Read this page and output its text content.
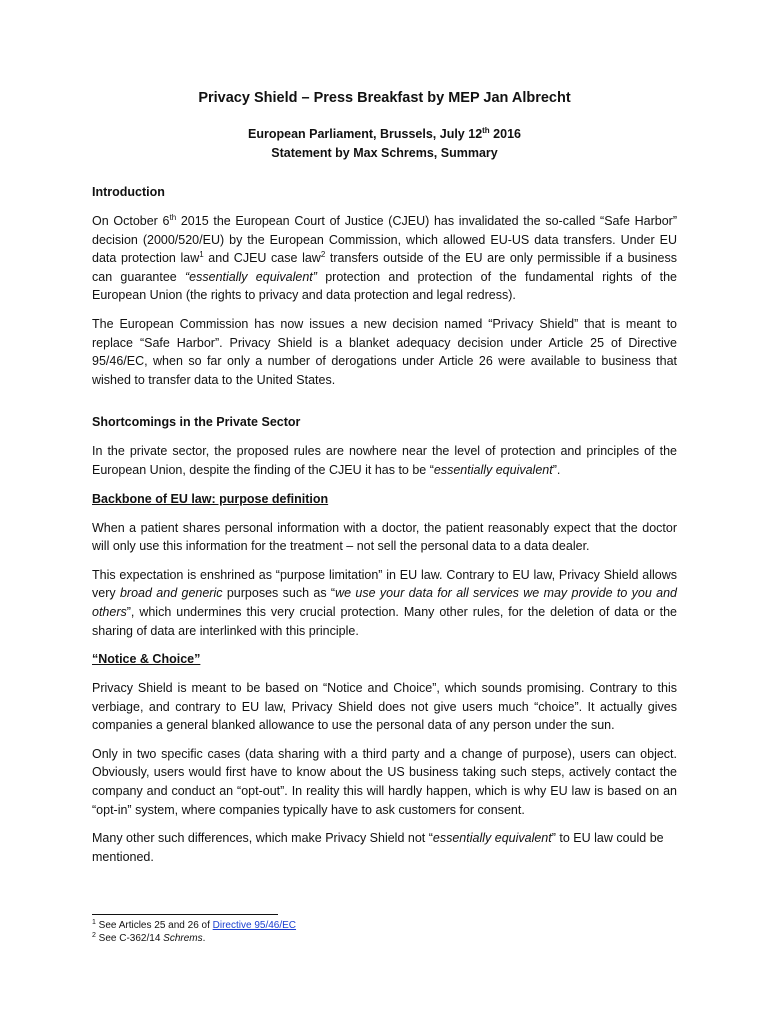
Privacy Shield – Press Breakfast by MEP Jan Albrecht
European Parliament, Brussels, July 12th 2016
Statement by Max Schrems, Summary
Introduction

On October 6th 2015 the European Court of Justice (CJEU) has invalidated the so-called “Safe Harbor” decision (2000/520/EU) by the European Commission, which allowed EU-US data transfers. Under EU data protection law$^1$ and CJEU case law$^2$ transfers outside of the EU are only permissible if a business can guarantee “essentially equivalent” protection and protection of the fundamental rights of the European Union (the rights to privacy and data protection and legal redress).

The European Commission has now issues a new decision named “Privacy Shield” that is meant to replace “Safe Harbor”. Privacy Shield is a blanket adequacy decision under Article 25 of Directive 95/46/EC, when so far only a number of derogations under Article 26 were available to business that wished to transfer data to the United States.

Shortcomings in the Private Sector

In the private sector, the proposed rules are nowhere near the level of protection and principles of the European Union, despite the finding of the CJEU it has to be “essentially equivalent”.

Backbone of EU law: purpose definition

When a patient shares personal information with a doctor, the patient reasonably expect that the doctor will only use this information for the treatment – not sell the personal data to a data dealer.

This expectation is enshrined as “purpose limitation” in EU law. Contrary to EU law, Privacy Shield allows very broad and generic purposes such as “we use your data for all services we may provide to you and others”, which undermines this very crucial protection. Many other rules, for the deletion of data or the sharing of data are interlinked with this principle.

“Notice & Choice”

Privacy Shield is meant to be based on “Notice and Choice”, which sounds promising. Contrary to this verbiage, and contrary to EU law, Privacy Shield does not give users much “choice”. It actually gives companies a general blanked allowance to use the personal data of any person under the sun.

Only in two specific cases (data sharing with a third party and a change of purpose), users can object. Obviously, users would first have to know about the US business taking such steps, actively contact the company and conduct an “opt-out”. In reality this will hardly happen, which is why EU law is based on an “opt-in” system, where companies typically have to ask customers for consent.

Many other such differences, which make Privacy Shield not “essentially equivalent” to EU law could be mentioned.

$^1$ See Articles 25 and 26 of Directive 95/46/EC
$^2$ See C-362/14 Schrems.
